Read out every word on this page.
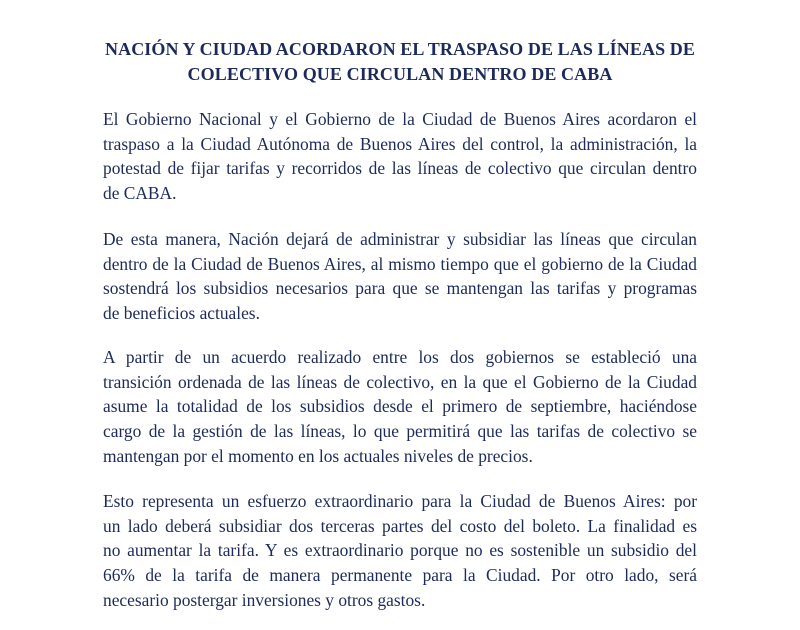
NACIÓN Y CIUDAD ACORDARON EL TRASPASO DE LAS LÍNEAS DE
COLECTIVO QUE CIRCULAN DENTRO DE CABA

El Gobierno Nacional y el Gobierno de la Ciudad de Buenos Aires acordaron el
traspaso a la Ciudad Autónoma de Buenos Aires del control, la administración, la
potestad de fijar tarifas y recorridos de las líneas de colectivo que circulan dentro
de CABA.

De esta manera, Nación dejará de administrar y subsidiar las líneas que circulan
dentro de la Ciudad de Buenos Aires, al mismo tiempo que el gobierno de la Ciudad
sostendrá los subsidios necesarios para que se mantengan las tarifas y programas
de beneficios actuales.

A partir de un acuerdo realizado entre los dos gobiernos se estableció una
transición ordenada de las líneas de colectivo, en la que el Gobierno de la Ciudad
asume la totalidad de los subsidios desde el primero de septiembre, haciéndose
cargo de la gestión de las líneas, lo que permitirá que las tarifas de colectivo se
mantengan por el momento en los actuales niveles de precios.

Esto representa un esfuerzo extraordinario para la Ciudad de Buenos Aires: por
un lado deberá subsidiar dos terceras partes del costo del boleto. La finalidad es
no aumentar la tarifa. Y es extraordinario porque no es sostenible un subsidio del
66% de la tarifa de manera permanente para la Ciudad. Por otro lado, será
necesario postergar inversiones y otros gastos.
